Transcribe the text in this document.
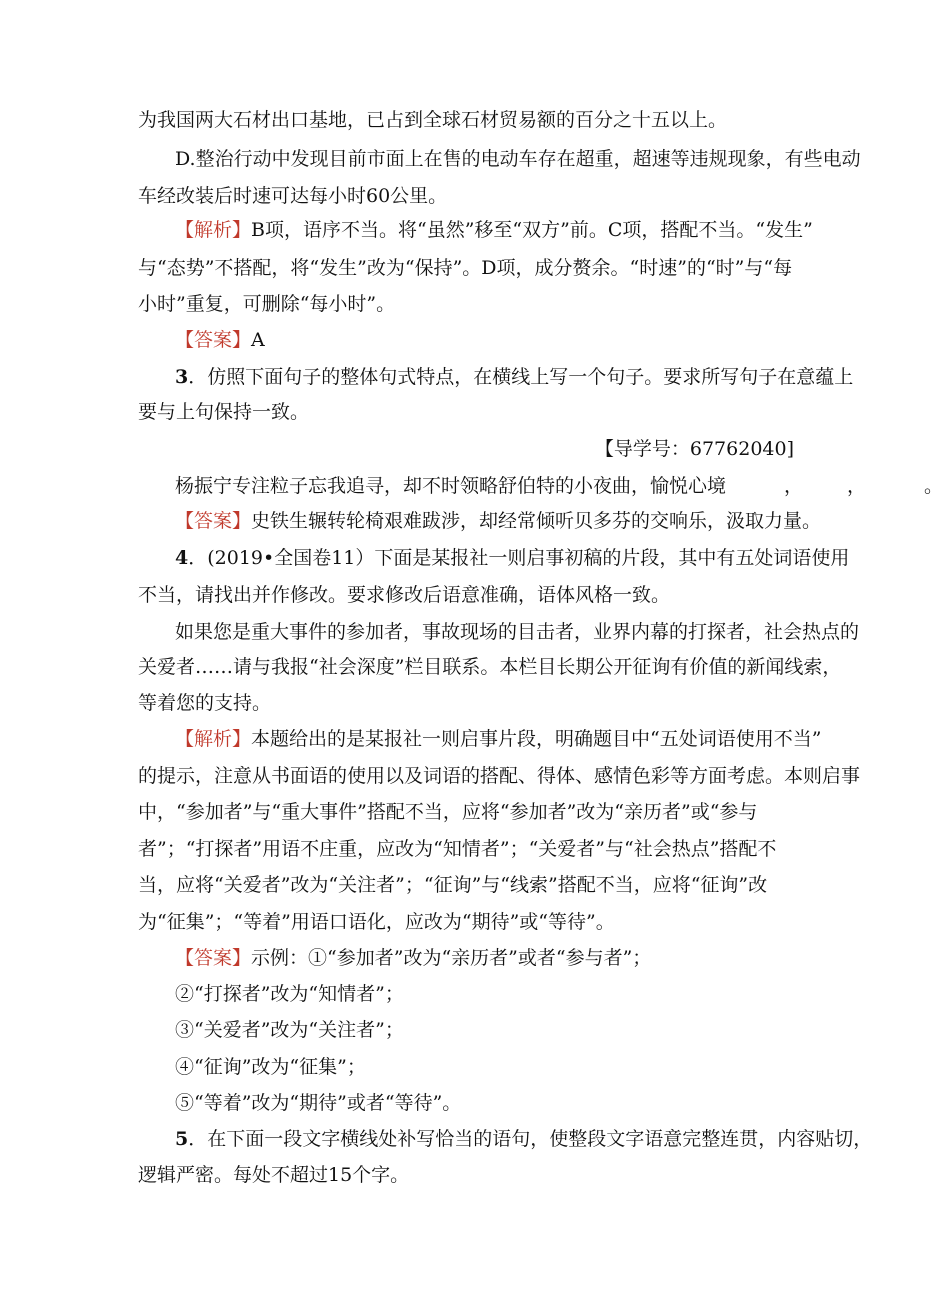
为我国两大石材出口基地，已占到全球石材贸易额的百分之十五以上。
D.整治行动中发现目前市面上在售的电动车存在超重，超速等违规现象，有些电动
车经改装后时速可达每小时60公里。
【解析】B项，语序不当。将“虽然”移至“双方”前。C项，搭配不当。“发生”
与“态势”不搭配，将“发生”改为“保持”。D项，成分赘余。“时速”的“时”与“每
小时”重复，可删除“每小时”。
【答案】A
3．仿照下面句子的整体句式特点，在横线上写一个句子。要求所写句子在意蕴上
要与上句保持一致。
【导学号：67762040]
杨振宁专注粒子忘我追寻，却不时领略舒伯特的小夜曲，愉悦心境	， ，	。
【答案】史铁生辗转轮椅艰难跋涉，却经常倾听贝多芬的交响乐，汲取力量。
4．(2019•全国卷11）下面是某报社一则启事初稿的片段，其中有五处词语使用
不当，请找出并作修改。要求修改后语意准确，语体风格一致。
如果您是重大事件的参加者，事故现场的目击者，业界内幕的打探者，社会热点的
关爱者……请与我报“社会深度”栏目联系。本栏目长期公开征询有价值的新闻线索，
等着您的支持。
【解析】本题给出的是某报社一则启事片段，明确题目中“五处词语使用不当”
的提示，注意从书面语的使用以及词语的搭配、得体、感情色彩等方面考虑。本则启事
中，“参加者”与“重大事件”搭配不当，应将“参加者”改为“亲历者”或“参与
者”；“打探者”用语不庄重，应改为“知情者”；“关爱者”与“社会热点”搭配不
当，应将“关爱者”改为“关注者”；“征询”与“线索”搭配不当，应将“征询”改
为“征集”；“等着”用语口语化，应改为“期待”或“等待”。
【答案】示例：①“参加者”改为“亲历者”或者“参与者”；
②“打探者”改为“知情者”；
③“关爱者”改为“关注者”；
④“征询”改为“征集”；
⑤“等着”改为“期待”或者“等待”。
5．在下面一段文字横线处补写恰当的语句，使整段文字语意完整连贯，内容贴切，
逻辑严密。每处不超过15个字。
